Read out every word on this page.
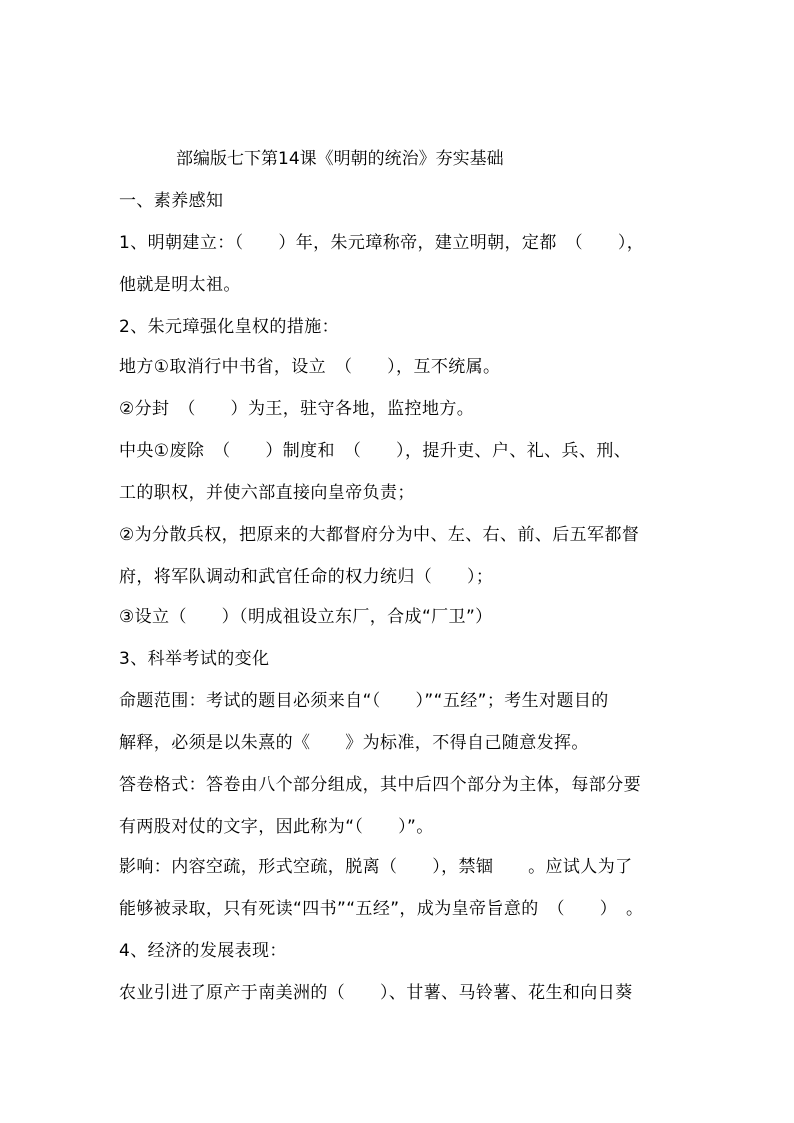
部编版七下第14课《明朝的统治》夯实基础
一、素养感知
1、明朝建立：（　　）年，朱元璋称帝，建立明朝，定都　（　　），
他就是明太祖。
2、朱元璋强化皇权的措施：
地方①取消行中书省，设立　（　　），互不统属。
②分封　（　　）为王，驻守各地，监控地方。
中央①废除　（　　）制度和　（　　），提升吏、户、礼、兵、刑、
工的职权，并使六部直接向皇帝负责；
②为分散兵权，把原来的大都督府分为中、左、右、前、后五军都督
府，将军队调动和武官任命的权力统归（　　）；
③设立（　　）（明成祖设立东厂，合成“厂卫”）
3、科举考试的变化
命题范围：考试的题目必须来自“（　　）”“五经”；考生对题目的
解释，必须是以朱熹的《　　》为标准，不得自己随意发挥。
答卷格式：答卷由八个部分组成，其中后四个部分为主体，每部分要
有两股对仗的文字，因此称为“（　　）”。
影响：内容空疏，形式空疏，脱离（　　），禁锢　　。应试人为了
能够被录取，只有死读“四书”“五经”，成为皇帝旨意的　（　　）　。
4、经济的发展表现：
农业引进了原产于南美洲的（　　）、甘薯、马铃薯、花生和向日葵
